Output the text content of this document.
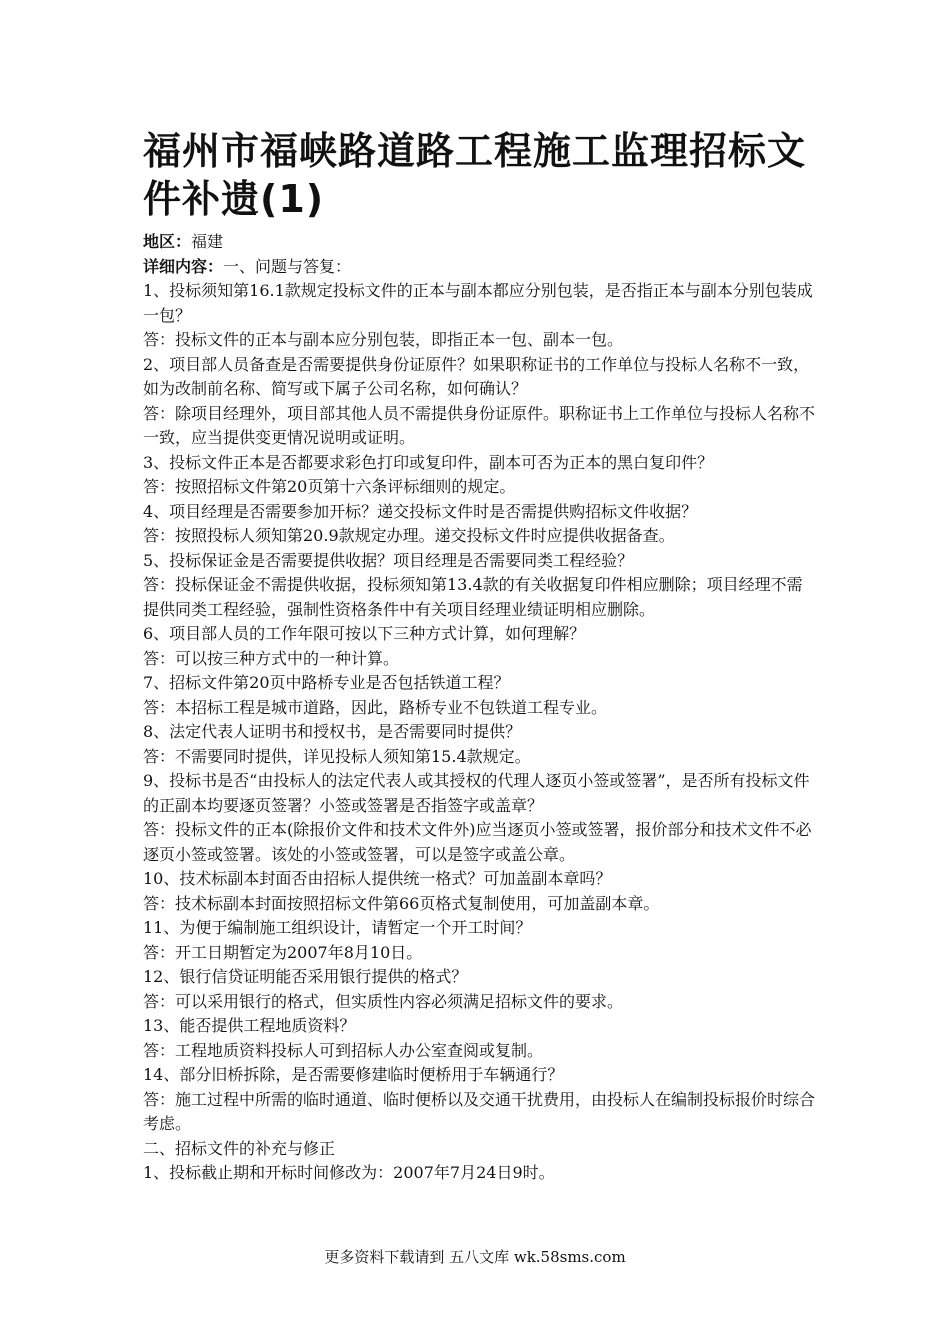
福州市福峡路道路工程施工监理招标文件补遗(1)
地区：福建
详细内容：一、问题与答复：

1、投标须知第16.1款规定投标文件的正本与副本都应分别包装，是否指正本与副本分别包装成一包？

答：投标文件的正本与副本应分别包装，即指正本一包、副本一包。

2、项目部人员备查是否需要提供身份证原件？如果职称证书的工作单位与投标人名称不一致，如为改制前名称、简写或下属子公司名称，如何确认？

答：除项目经理外，项目部其他人员不需提供身份证原件。职称证书上工作单位与投标人名称不一致，应当提供变更情况说明或证明。

3、投标文件正本是否都要求彩色打印或复印件，副本可否为正本的黑白复印件？

答：按照招标文件第20页第十六条评标细则的规定。

4、项目经理是否需要参加开标？递交投标文件时是否需提供购招标文件收据？

答：按照投标人须知第20.9款规定办理。递交投标文件时应提供收据备查。

5、投标保证金是否需要提供收据？项目经理是否需要同类工程经验？

答：投标保证金不需提供收据，投标须知第13.4款的有关收据复印件相应删除；项目经理不需提供同类工程经验，强制性资格条件中有关项目经理业绩证明相应删除。

6、项目部人员的工作年限可按以下三种方式计算，如何理解？

答：可以按三种方式中的一种计算。

7、招标文件第20页中路桥专业是否包括铁道工程？

答：本招标工程是城市道路，因此，路桥专业不包铁道工程专业。

8、法定代表人证明书和授权书，是否需要同时提供？

答：不需要同时提供，详见投标人须知第15.4款规定。

9、投标书是否“由投标人的法定代表人或其授权的代理人逐页小签或签署”，是否所有投标文件的正副本均要逐页签署？小签或签署是否指签字或盖章？

答：投标文件的正本(除报价文件和技术文件外)应当逐页小签或签署，报价部分和技术文件不必逐页小签或签署。该处的小签或签署，可以是签字或盖公章。

10、技术标副本封面否由招标人提供统一格式？可加盖副本章吗？

答：技术标副本封面按照招标文件第66页格式复制使用，可加盖副本章。

11、为便于编制施工组织设计，请暂定一个开工时间？

答：开工日期暂定为2007年8月10日。

12、银行信贷证明能否采用银行提供的格式？

答：可以采用银行的格式，但实质性内容必须满足招标文件的要求。

13、能否提供工程地质资料？

答：工程地质资料投标人可到招标人办公室查阅或复制。

14、部分旧桥拆除，是否需要修建临时便桥用于车辆通行？

答：施工过程中所需的临时通道、临时便桥以及交通干扰费用，由投标人在编制投标报价时综合考虑。

二、招标文件的补充与修正

1、投标截止期和开标时间修改为：2007年7月24日9时。

更多资料下载请到 五八文库 wk.58sms.com
